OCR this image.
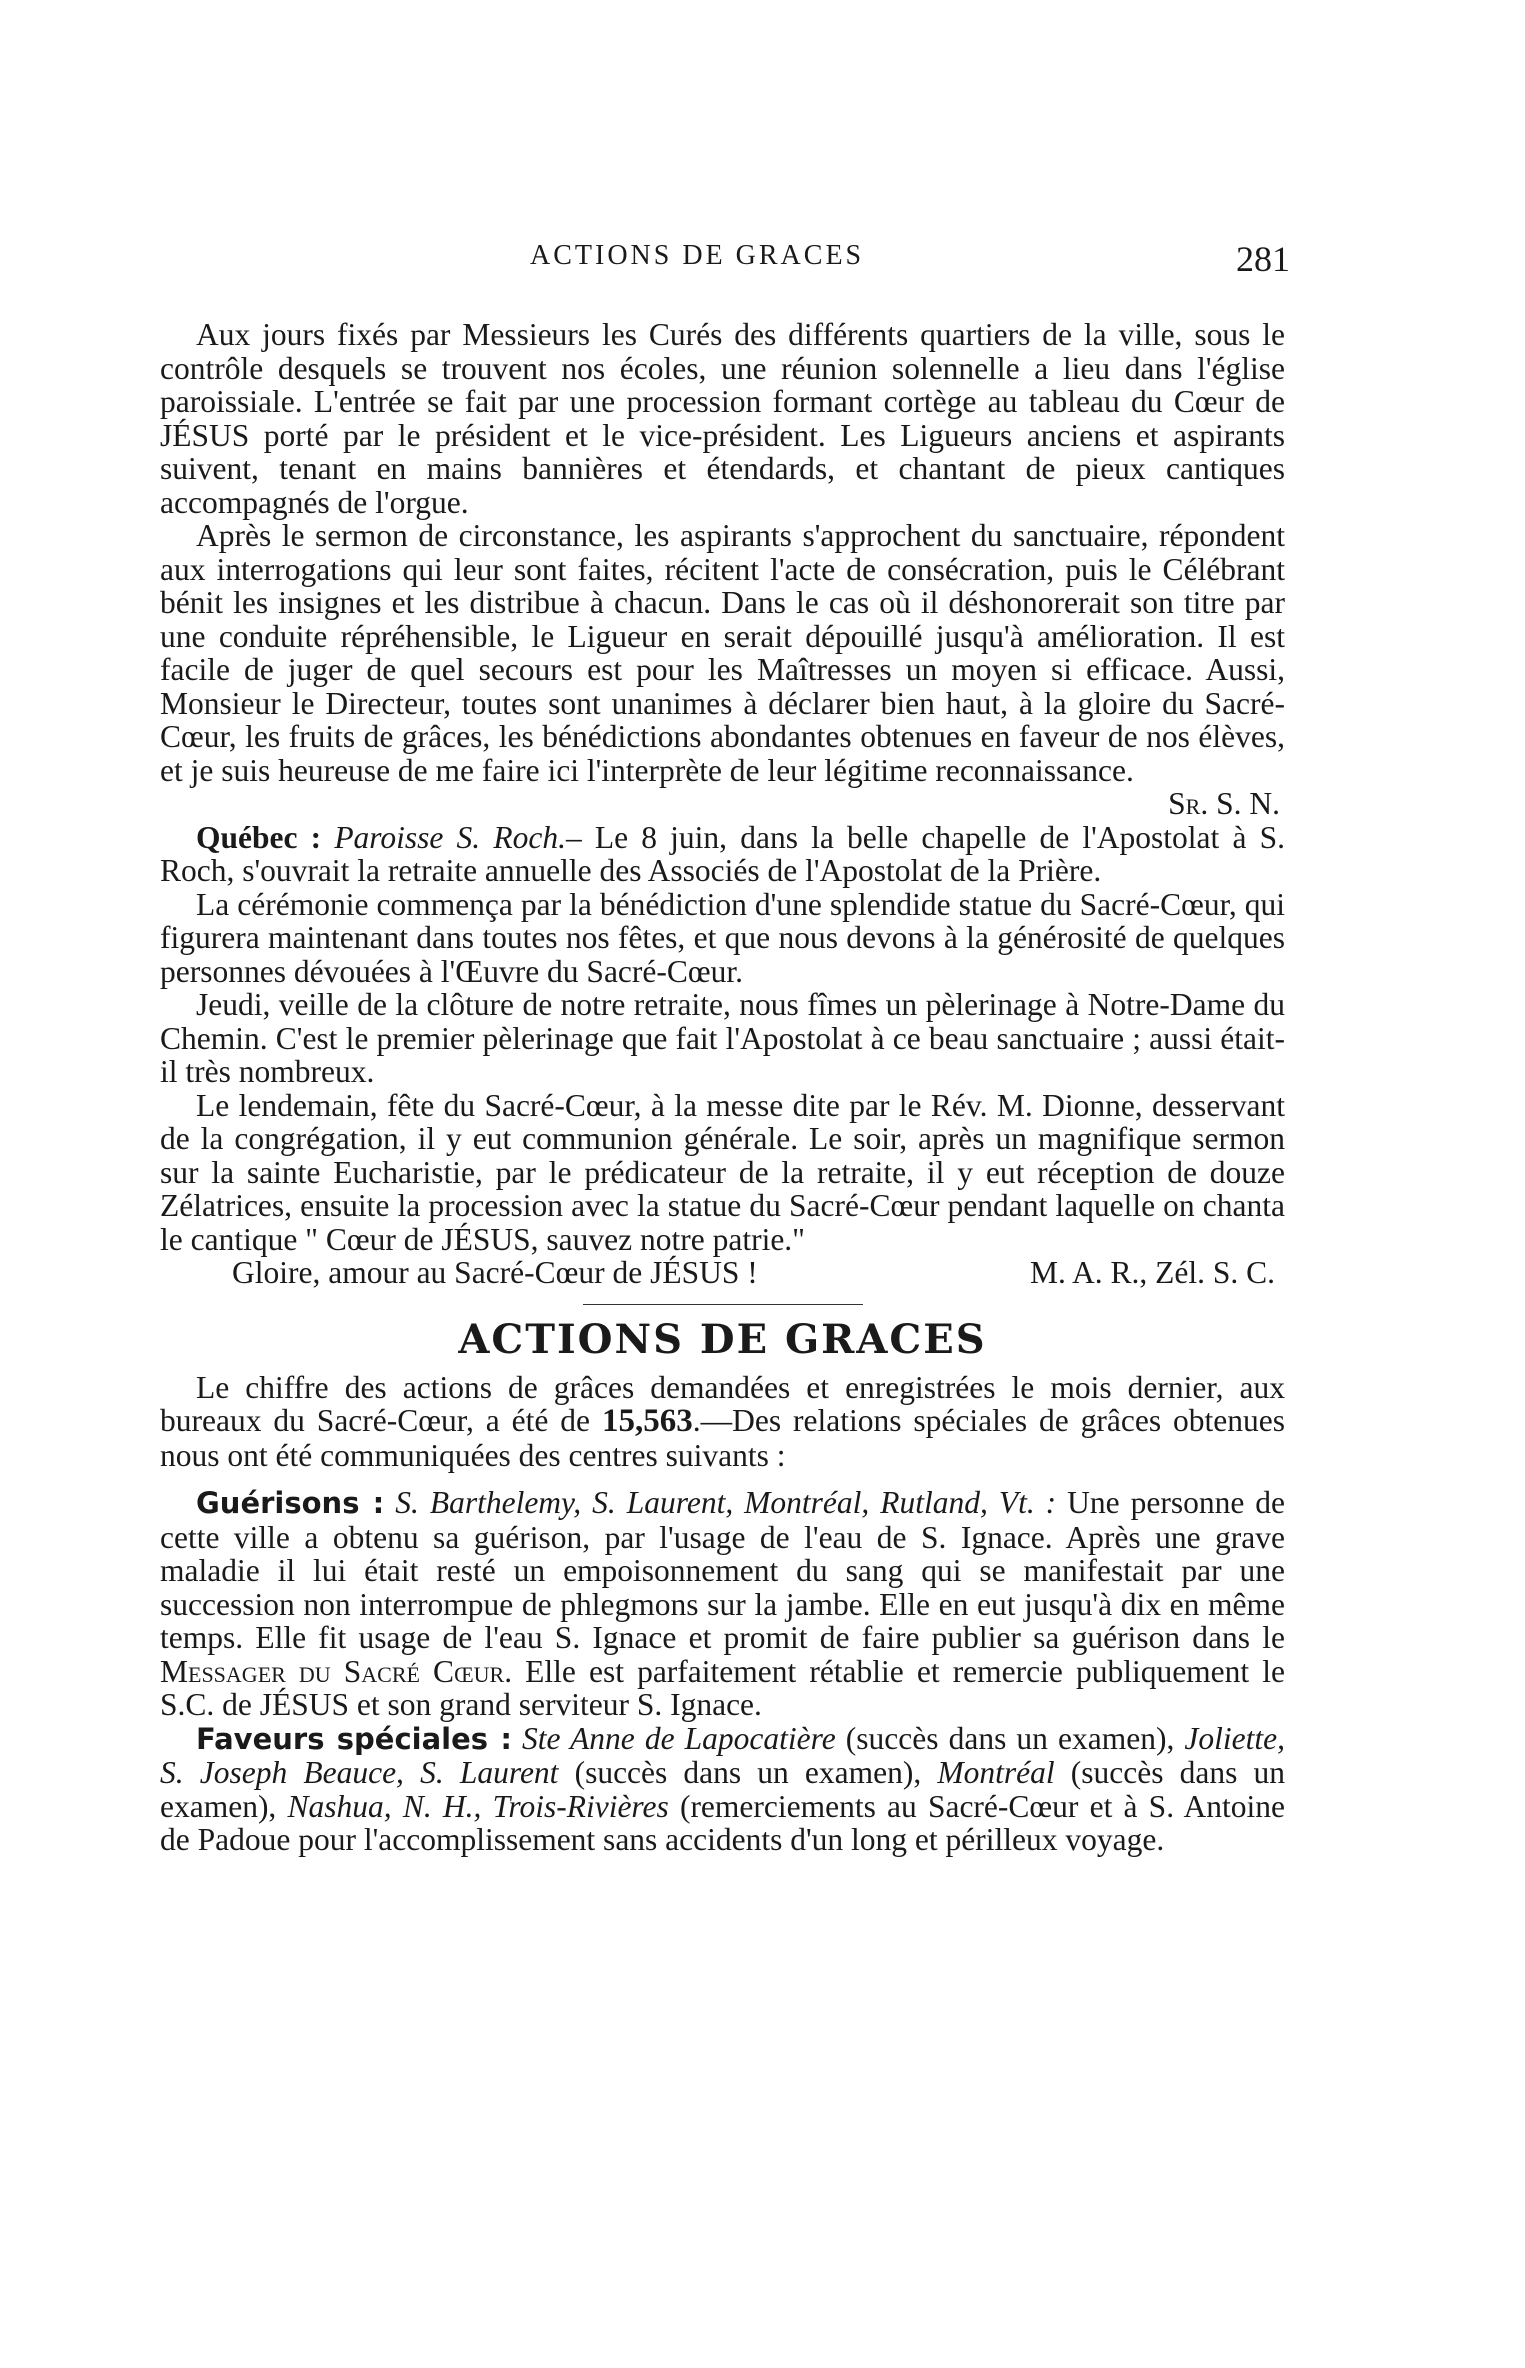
ACTIONS DE GRACES	281

Aux jours fixés par Messieurs les Curés des différents quartiers de la ville, sous le contrôle desquels se trouvent nos écoles, une réunion solennelle a lieu dans l'église paroissiale. L'entrée se fait par une procession formant cortège au tableau du Cœur de JÉSUS porté par le président et le vice-président. Les Ligueurs anciens et aspirants suivent, tenant en mains bannières et étendards, et chantant de pieux cantiques accompagnés de l'orgue.

Après le sermon de circonstance, les aspirants s'approchent du sanctuaire, répondent aux interrogations qui leur sont faites, récitent l'acte de consécration, puis le Célébrant bénit les insignes et les distribue à chacun. Dans le cas où il déshonorerait son titre par une conduite répréhensible, le Ligueur en serait dépouillé jusqu'à amélioration. Il est facile de juger de quel secours est pour les Maîtresses un moyen si efficace. Aussi, Monsieur le Directeur, toutes sont unanimes à déclarer bien haut, à la gloire du Sacré-Cœur, les fruits de grâces, les bénédictions abondantes obtenues en faveur de nos élèves, et je suis heureuse de me faire ici l'interprète de leur légitime reconnaissance.

Sr. S. N.

Québec : Paroisse S. Roch.– Le 8 juin, dans la belle chapelle de l'Apostolat à S. Roch, s'ouvrait la retraite annuelle des Associés de l'Apostolat de la Prière.

La cérémonie commença par la bénédiction d'une splendide statue du Sacré-Cœur, qui figurera maintenant dans toutes nos fêtes, et que nous devons à la générosité de quelques personnes dévouées à l'Œuvre du Sacré-Cœur.

Jeudi, veille de la clôture de notre retraite, nous fîmes un pèlerinage à Notre-Dame du Chemin. C'est le premier pèlerinage que fait l'Apostolat à ce beau sanctuaire ; aussi était-il très nombreux.

Le lendemain, fête du Sacré-Cœur, à la messe dite par le Rév. M. Dionne, desservant de la congrégation, il y eut communion générale. Le soir, après un magnifique sermon sur la sainte Eucharistie, par le prédicateur de la retraite, il y eut réception de douze Zélatrices, ensuite la procession avec la statue du Sacré-Cœur pendant laquelle on chanta le cantique " Cœur de JÉSUS, sauvez notre patrie."

Gloire, amour au Sacré-Cœur de JÉSUS !	M. A. R., Zél. S. C.

ACTIONS DE GRACES

Le chiffre des actions de grâces demandées et enregistrées le mois dernier, aux bureaux du Sacré-Cœur, a été de 15,563.—Des relations spéciales de grâces obtenues nous ont été communiquées des centres suivants :

Guérisons : S. Barthelemy, S. Laurent, Montréal, Rutland, Vt. : Une personne de cette ville a obtenu sa guérison, par l'usage de l'eau de S. Ignace. Après une grave maladie il lui était resté un empoisonnement du sang qui se manifestait par une succession non interrompue de phlegmons sur la jambe. Elle en eut jusqu'à dix en même temps. Elle fit usage de l'eau S. Ignace et promit de faire publier sa guérison dans le Messager du Sacré Cœur. Elle est parfaitement rétablie et remercie publiquement le S.C. de JÉSUS et son grand serviteur S. Ignace.

Faveurs spéciales : Ste Anne de Lapocatière (succès dans un examen), Joliette, S. Joseph Beauce, S. Laurent (succès dans un examen), Montréal (succès dans un examen), Nashua, N. H., Trois-Rivières (remerciements au Sacré-Cœur et à S. Antoine de Padoue pour l'accomplissement sans accidents d'un long et périlleux voyage.
